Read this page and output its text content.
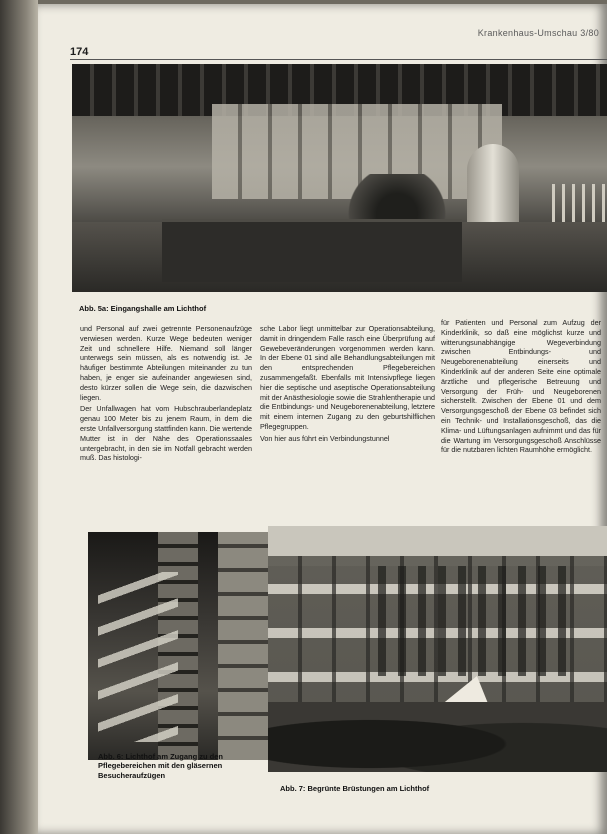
174
Krankenhaus-Umschau 3/80
Abb. 5a: Eingangshalle am Lichthof

und Personal auf zwei getrennte Personenaufzüge verwiesen werden. Kurze Wege bedeuten weniger Zeit und schnellere Hilfe. Niemand soll länger unterwegs sein müssen, als es notwendig ist. Je häufiger bestimmte Abteilungen miteinander zu tun haben, je enger sie aufeinander angewiesen sind, desto kürzer sollen die Wege sein, die dazwischen liegen.

Der Unfallwagen hat vom Hubschrauberlandeplatz genau 100 Meter bis zu jenem Raum, in dem die erste Unfallversorgung stattfinden kann. Die wertende Mutter ist in der Nähe des Operationssaales untergebracht, in den sie im Notfall gebracht werden muß. Das histologi-

sche Labor liegt unmittelbar zur Operationsabteilung, damit in dringendem Falle rasch eine Überprüfung auf Gewebeveränderungen vorgenommen werden kann. In der Ebene 01 sind alle Behandlungsabteilungen mit den entsprechenden Pflegebereichen zusammengefaßt. Ebenfalls mit Intensivpflege liegen hier die septische und aseptische Operationsabteilung mit der Anästhesiologie sowie die Strahlentherapie und die Entbindungs- und Neugeborenenabteilung, letztere mit einem internen Zugang zu den geburtshilflichen Pflegegruppen.

Von hier aus führt ein Verbindungstunnel

für Patienten und Personal zum Aufzug der Kinderklinik, so daß eine möglichst kurze und witterungsunabhängige Wegeverbindung zwischen Entbindungs- und Neugeborenenabteilung einerseits und Kinderklinik auf der anderen Seite eine optimale ärztliche und pflegerische Betreuung und Versorgung der Früh- und Neugeborenen sicherstellt. Zwischen der Ebene 01 und dem Versorgungsgeschoß der Ebene 03 befindet sich ein Technik- und Installationsgeschoß, das die Klima- und Lüftungsanlagen aufnimmt und das für die Wartung im Versorgungsgeschoß Anschlüsse für die nutzbaren lichten Raumhöhe ermöglicht.

Abb. 6: Lichthof am Zugang zu den Pflegebereichen mit den gläsernen Besucheraufzügen
Abb. 7: Begrünte Brüstungen am Lichthof
